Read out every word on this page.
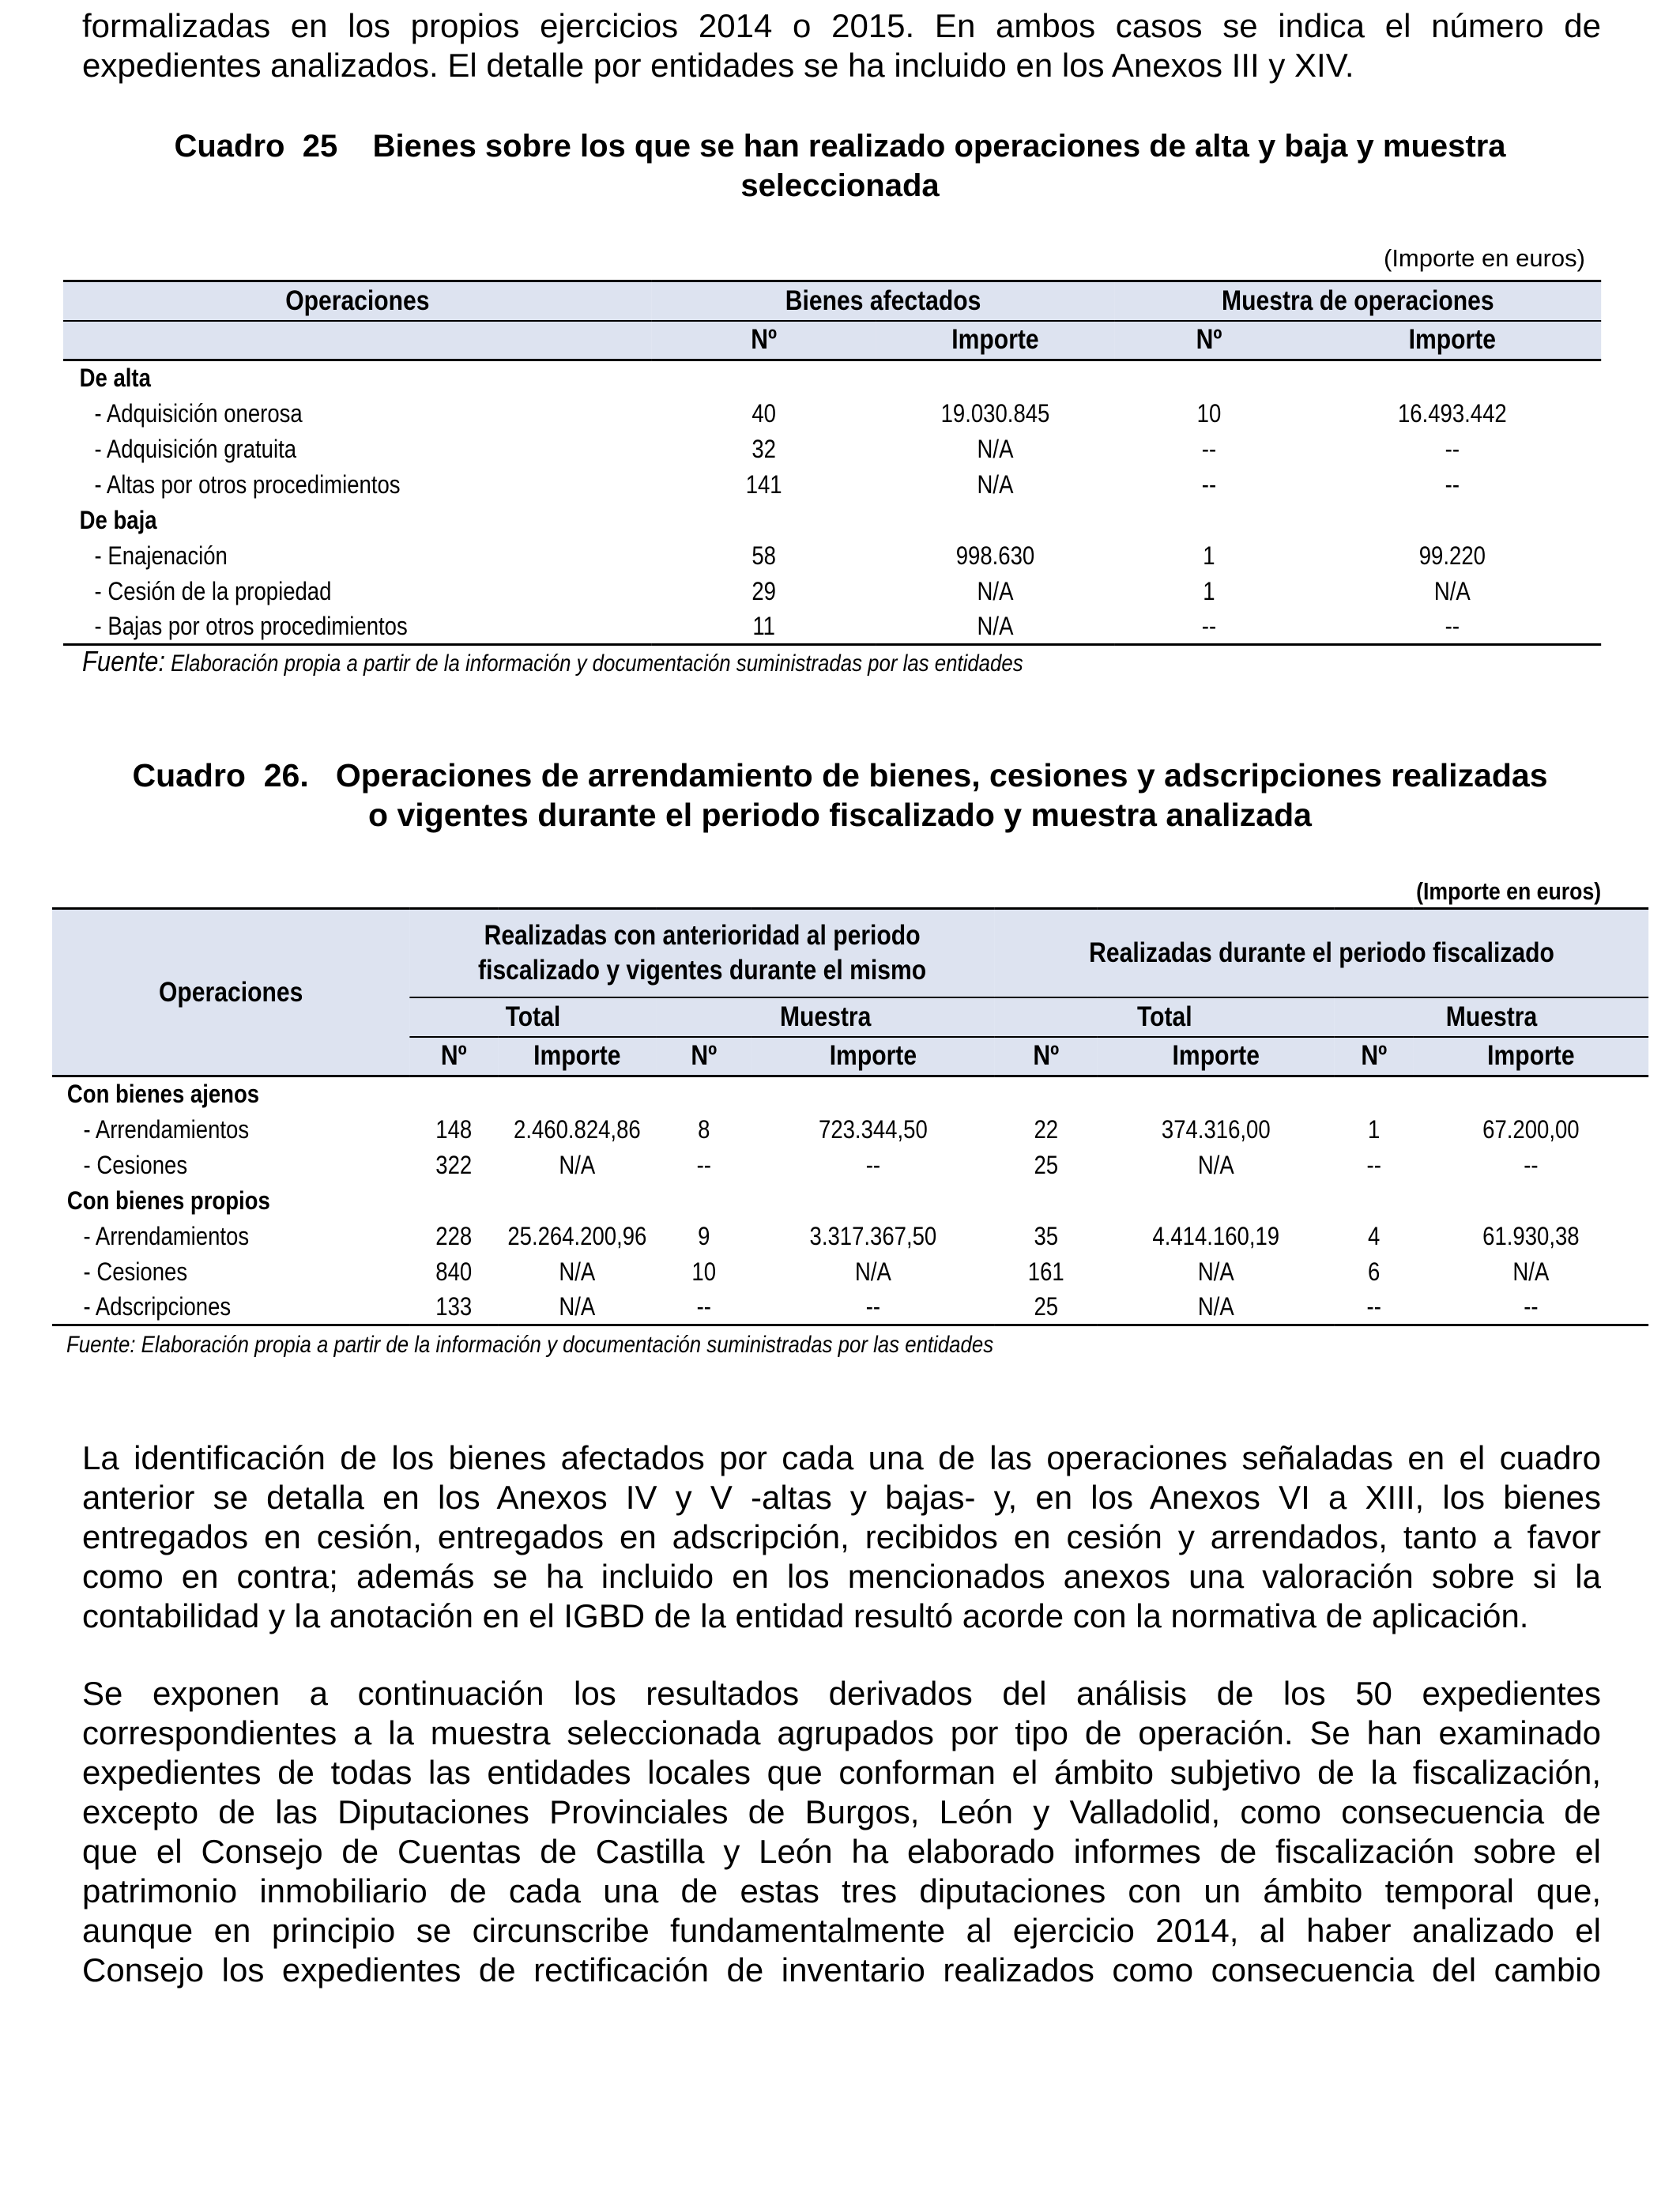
formalizadas en los propios ejercicios 2014 o 2015. En ambos casos se indica el número de
expedientes analizados. El detalle por entidades se ha incluido en los Anexos III y XIV.
Cuadro  25    Bienes sobre los que se han realizado operaciones de alta y baja y muestra
seleccionada
(Importe en euros)
Operaciones	Bienes afectados		Muestra de operaciones	
	Nº	Importe	Nº	Importe
De alta				
- Adquisición onerosa	40	19.030.845	10	16.493.442
- Adquisición gratuita	32	N/A	--	--
- Altas por otros procedimientos	141	N/A	--	--
De baja				
- Enajenación	58	998.630	1	99.220
- Cesión de la propiedad	29	N/A	1	N/A
- Bajas por otros procedimientos	11	N/A	--	--
Fuente: Elaboración propia a partir de la información y documentación suministradas por las entidades
Cuadro  26.   Operaciones de arrendamiento de bienes, cesiones y adscripciones realizadas
o vigentes durante el periodo fiscalizado y muestra analizada
(Importe en euros)
Operaciones	Realizadas con anterioridad al periodo
fiscalizado y vigentes durante el mismo				Realizadas durante el periodo fiscalizado			
	Total		Muestra		Total		Muestra	
	Nº	Importe	Nº	Importe	Nº	Importe	Nº	Importe
Con bienes ajenos								
- Arrendamientos	148	2.460.824,86	8	723.344,50	22	374.316,00	1	67.200,00
- Cesiones	322	N/A	--	--	25	N/A	--	--
Con bienes propios								
- Arrendamientos	228	25.264.200,96	9	3.317.367,50	35	4.414.160,19	4	61.930,38
- Cesiones	840	N/A	10	N/A	161	N/A	6	N/A
- Adscripciones	133	N/A	--	--	25	N/A	--	--
Fuente: Elaboración propia a partir de la información y documentación suministradas por las entidades
La identificación de los bienes afectados por cada una de las operaciones señaladas en el cuadro
anterior se detalla en los Anexos IV y V -altas y bajas- y, en los Anexos VI a XIII, los bienes
entregados en cesión, entregados en adscripción, recibidos en cesión y arrendados, tanto a favor
como en contra; además se ha incluido en los mencionados anexos una valoración sobre si la
contabilidad y la anotación en el IGBD de la entidad resultó acorde con la normativa de aplicación.
Se exponen a continuación los resultados derivados del análisis de los 50 expedientes
correspondientes a la muestra seleccionada agrupados por tipo de operación. Se han examinado
expedientes de todas las entidades locales que conforman el ámbito subjetivo de la fiscalización,
excepto de las Diputaciones Provinciales de Burgos, León y Valladolid, como consecuencia de
que el Consejo de Cuentas de Castilla y León ha elaborado informes de fiscalización sobre el
patrimonio inmobiliario de cada una de estas tres diputaciones con un ámbito temporal que,
aunque en principio se circunscribe fundamentalmente al ejercicio 2014, al haber analizado el
Consejo los expedientes de rectificación de inventario realizados como consecuencia del cambio
